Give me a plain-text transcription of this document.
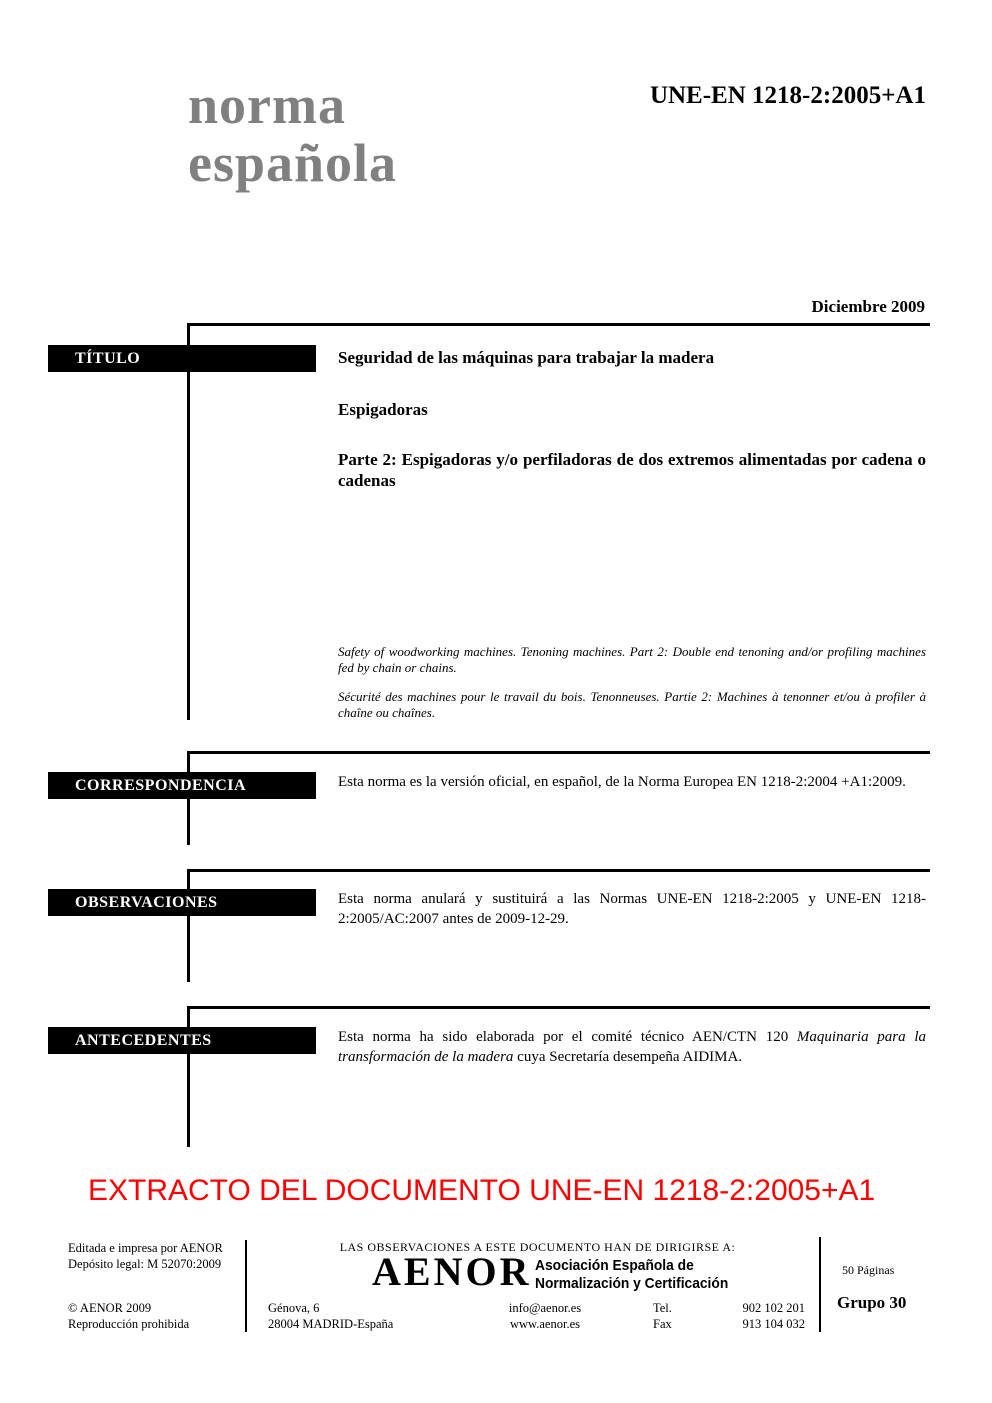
norma
española
UNE-EN 1218-2:2005+A1
Diciembre 2009
TÍTULO	Seguridad de las máquinas para trabajar la madera
Espigadoras
Parte 2: Espigadoras y/o perfiladoras de dos extremos alimentadas por cadena o cadenas
Safety of woodworking machines. Tenoning machines. Part 2: Double end tenoning and/or profiling machines fed by chain or chains.
Sécurité des machines pour le travail du bois. Tenonneuses. Partie 2: Machines à tenonner et/ou à profiler à chaîne ou chaînes.
CORRESPONDENCIA	Esta norma es la versión oficial, en español, de la Norma Europea EN 1218-2:2004 +A1:2009.
OBSERVACIONES	Esta norma anulará y sustituirá a las Normas UNE-EN 1218-2:2005 y UNE-EN 1218-2:2005/AC:2007 antes de 2009-12-29.
ANTECEDENTES	Esta norma ha sido elaborada por el comité técnico AEN/CTN 120 Maquinaria para la transformación de la madera cuya Secretaría desempeña AIDIMA.
EXTRACTO DEL DOCUMENTO UNE-EN 1218-2:2005+A1
Editada e impresa por AENOR
Depósito legal: M 52070:2009
© AENOR 2009
Reproducción prohibida
LAS OBSERVACIONES A ESTE DOCUMENTO HAN DE DIRIGIRSE A:
AENOR Asociación Española de
Normalización y Certificación
Génova, 6
28004 MADRID-España
info@aenor.es
www.aenor.es
Tel.	902 102 201
Fax	913 104 032
50 Páginas
Grupo 30
